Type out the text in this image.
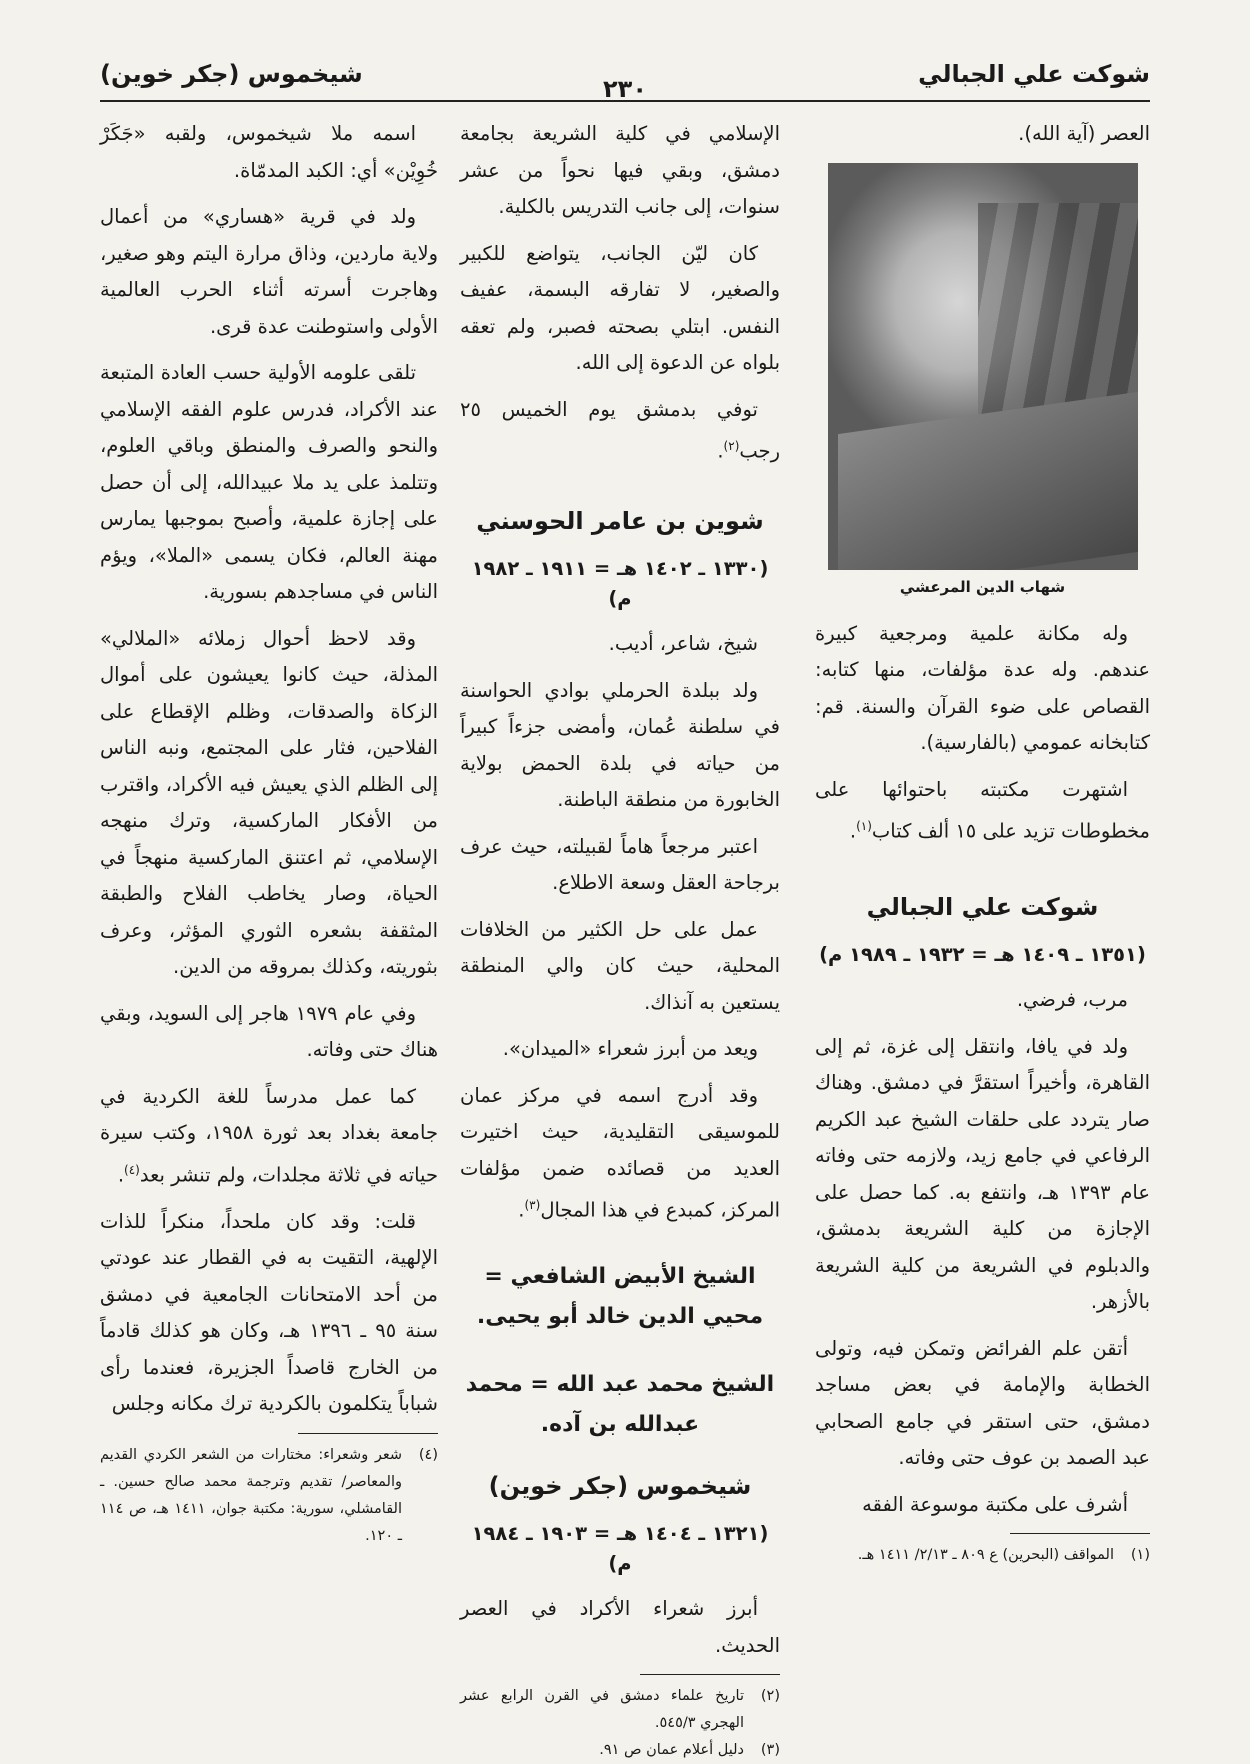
شوكت علي الجبالي
٢٣٠
شيخموس (جكر خوين)

العصر (آية الله).

شهاب الدين المرعشي

وله مكانة علمية ومرجعية كبيرة عندهم. وله عدة مؤلفات، منها كتابه: القصاص على ضوء القرآن والسنة. قم: كتابخانه عمومي (بالفارسية).

اشتهرت مكتبته باحتوائها على مخطوطات تزيد على ١٥ ألف كتاب$^{(١)}$.

شوكت علي الجبالي
(١٣٥١ ـ ١٤٠٩ هـ = ١٩٣٢ ـ ١٩٨٩ م)

مرب، فرضي.

ولد في يافا، وانتقل إلى غزة، ثم إلى القاهرة، وأخيراً استقرَّ في دمشق. وهناك صار يتردد على حلقات الشيخ عبد الكريم الرفاعي في جامع زيد، ولازمه حتى وفاته عام ١٣٩٣ هـ، وانتفع به. كما حصل على الإجازة من كلية الشريعة بدمشق، والدبلوم في الشريعة من كلية الشريعة بالأزهر.

أتقن علم الفرائض وتمكن فيه، وتولى الخطابة والإمامة في بعض مساجد دمشق، حتى استقر في جامع الصحابي عبد الصمد بن عوف حتى وفاته.

أشرف على مكتبة موسوعة الفقه

(١)
المواقف (البحرين) ع ٨٠٩ ـ ٢/١٣/ ١٤١١ هـ.

الإسلامي في كلية الشريعة بجامعة دمشق، وبقي فيها نحواً من عشر سنوات، إلى جانب التدريس بالكلية.

كان ليّن الجانب، يتواضع للكبير والصغير، لا تفارقه البسمة، عفيف النفس. ابتلي بصحته فصبر، ولم تعقه بلواه عن الدعوة إلى الله.

توفي بدمشق يوم الخميس ٢٥ رجب$^{(٢)}$.

شوين بن عامر الحوسني
(١٣٣٠ ـ ١٤٠٢ هـ = ١٩١١ ـ ١٩٨٢ م)

شيخ، شاعر، أديب.

ولد ببلدة الحرملي بوادي الحواسنة في سلطنة عُمان، وأمضى جزءاً كبيراً من حياته في بلدة الحمض بولاية الخابورة من منطقة الباطنة.

اعتبر مرجعاً هاماً لقبيلته، حيث عرف برجاحة العقل وسعة الاطلاع.

عمل على حل الكثير من الخلافات المحلية، حيث كان والي المنطقة يستعين به آنذاك.

ويعد من أبرز شعراء «الميدان».

وقد أدرج اسمه في مركز عمان للموسيقى التقليدية، حيث اختيرت العديد من قصائده ضمن مؤلفات المركز، كمبدع في هذا المجال$^{(٣)}$.

الشيخ الأبيض الشافعي = محيي الدين خالد أبو يحيى.
الشيخ محمد عبد الله = محمد عبدالله بن آده.
شيخموس (جكر خوين)
(١٣٢١ ـ ١٤٠٤ هـ = ١٩٠٣ ـ ١٩٨٤ م)

أبرز شعراء الأكراد في العصر الحديث.

(٢)
تاريخ علماء دمشق في القرن الرابع عشر الهجري ٥٤٥/٣.
(٣)
دليل أعلام عمان ص ٩١.

اسمه ملا شيخموس، ولقبه «جَكَرْ خُوِيْن» أي: الكبد المدمّاة.

ولد في قرية «هساري» من أعمال ولاية ماردين، وذاق مرارة اليتم وهو صغير، وهاجرت أسرته أثناء الحرب العالمية الأولى واستوطنت عدة قرى.

تلقى علومه الأولية حسب العادة المتبعة عند الأكراد، فدرس علوم الفقه الإسلامي والنحو والصرف والمنطق وباقي العلوم، وتتلمذ على يد ملا عبيدالله، إلى أن حصل على إجازة علمية، وأصبح بموجبها يمارس مهنة العالم، فكان يسمى «الملا»، ويؤم الناس في مساجدهم بسورية.

وقد لاحظ أحوال زملائه «الملالي» المذلة، حيث كانوا يعيشون على أموال الزكاة والصدقات، وظلم الإقطاع على الفلاحين، فثار على المجتمع، ونبه الناس إلى الظلم الذي يعيش فيه الأكراد، واقترب من الأفكار الماركسية، وترك منهجه الإسلامي، ثم اعتنق الماركسية منهجاً في الحياة، وصار يخاطب الفلاح والطبقة المثقفة بشعره الثوري المؤثر، وعرف بثوريته، وكذلك بمروقه من الدين.

وفي عام ١٩٧٩ هاجر إلى السويد، وبقي هناك حتى وفاته.

كما عمل مدرساً للغة الكردية في جامعة بغداد بعد ثورة ١٩٥٨، وكتب سيرة حياته في ثلاثة مجلدات، ولم تنشر بعد$^{(٤)}$.

قلت: وقد كان ملحداً، منكراً للذات الإلهية، التقيت به في القطار عند عودتي من أحد الامتحانات الجامعية في دمشق سنة ٩٥ ـ ١٣٩٦ هـ، وكان هو كذلك قادماً من الخارج قاصداً الجزيرة، فعندما رأى شباباً يتكلمون بالكردية ترك مكانه وجلس

(٤)
شعر وشعراء: مختارات من الشعر الكردي القديم والمعاصر/ تقديم وترجمة محمد صالح حسين. ـ القامشلي، سورية: مكتبة جوان، ١٤١١ هـ، ص ١١٤ ـ ١٢٠.
